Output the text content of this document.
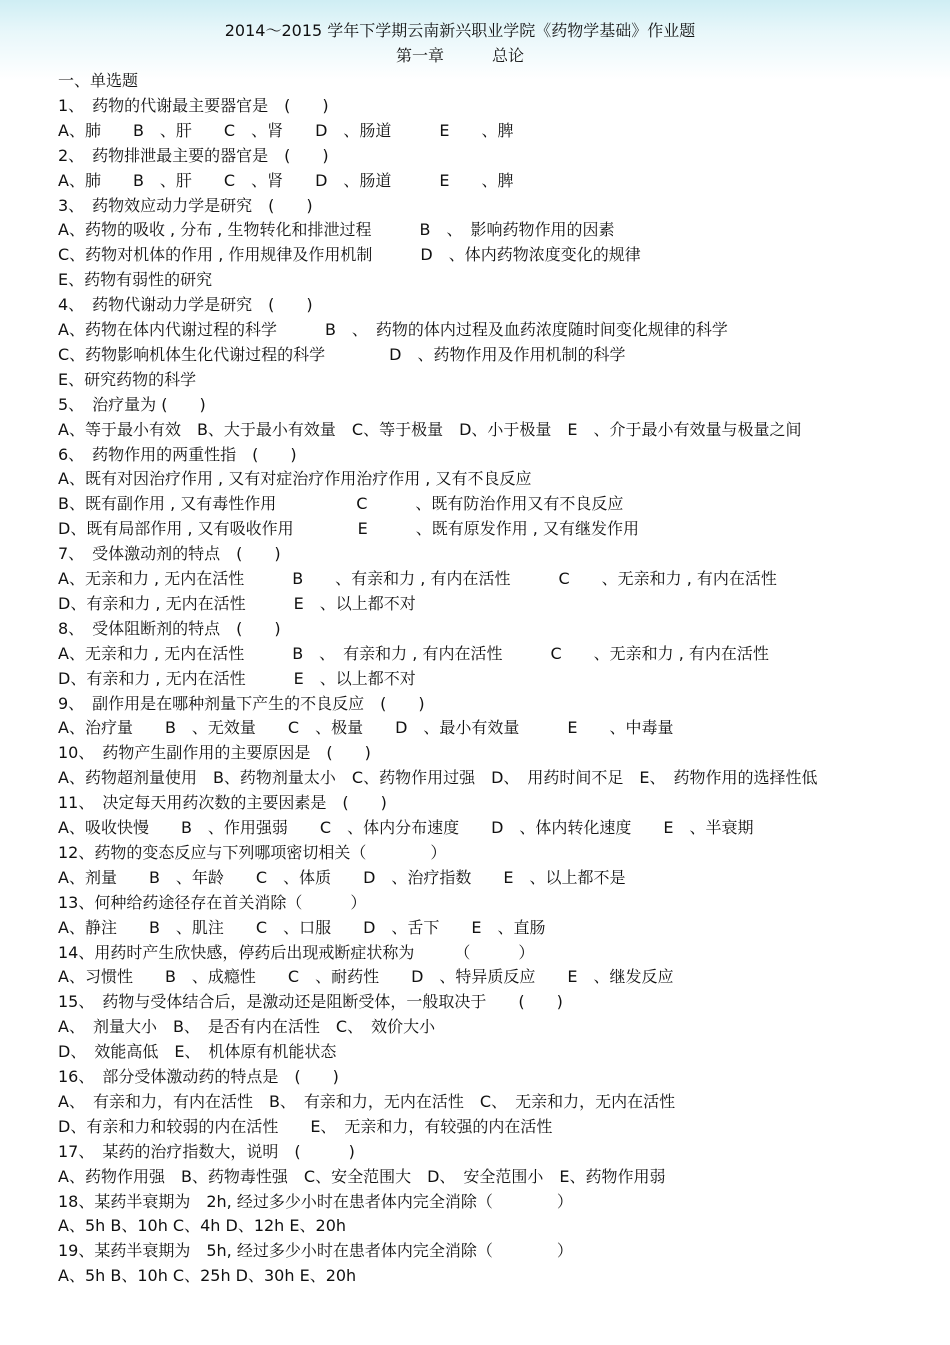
2014～2015 学年下学期云南新兴职业学院《药物学基础》作业题
第一章　　　总论
一、单选题
1、　药物的代谢最主要器官是　(　　)
A、肺　　B　、肝　　C　、肾　　D　、肠道　　　E　　、脾
2、　药物排泄最主要的器官是　(　　)
A、肺　　B　、肝　　C　、肾　　D　、肠道　　　E　　、脾
3、　药物效应动力学是研究　(　　)
A、药物的吸收 , 分布 , 生物转化和排泄过程　　　B　、　影响药物作用的因素
C、药物对机体的作用 , 作用规律及作用机制　　　D　、体内药物浓度变化的规律
E、药物有弱性的研究
4、　药物代谢动力学是研究　(　　)
A、药物在体内代谢过程的科学　　　B　、　药物的体内过程及血药浓度随时间变化规律的科学
C、药物影响机体生化代谢过程的科学　　　　D　、药物作用及作用机制的科学
E、研究药物的科学
5、　治疗量为 (　　)
A、等于最小有效　B、大于最小有效量　C、等于极量　D、小于极量　E　、介于最小有效量与极量之间
6、　药物作用的两重性指　(　　)
A、既有对因治疗作用 , 又有对症治疗作用治疗作用 , 又有不良反应
B、既有副作用 , 又有毒性作用　　　　　C　　　、既有防治作用又有不良反应
D、既有局部作用 , 又有吸收作用　　　　E　　　、既有原发作用 , 又有继发作用
7、　受体激动剂的特点　(　　)
A、无亲和力 , 无内在活性　　　B　　、有亲和力 , 有内在活性　　　C　　、无亲和力 , 有内在活性
D、有亲和力 , 无内在活性　　　E　、以上都不对
8、　受体阻断剂的特点　(　　)
A、无亲和力 , 无内在活性　　　B　、　有亲和力 , 有内在活性　　　C　　、无亲和力 , 有内在活性
D、有亲和力 , 无内在活性　　　E　、以上都不对
9、　副作用是在哪种剂量下产生的不良反应　(　　)
A、治疗量　　B　、无效量　　C　、极量　　D　、最小有效量　　　E　　、中毒量
10、　药物产生副作用的主要原因是　(　　)
A、药物超剂量使用　B、药物剂量太小　C、药物作用过强　D、　用药时间不足　E、　药物作用的选择性低
11、　决定每天用药次数的主要因素是　(　　)
A、吸收快慢　　B　、作用强弱　　C　、体内分布速度　　D　、体内转化速度　　E　、半衰期
12、药物的变态反应与下列哪项密切相关（　　　　）
A、剂量　　B　、年龄　　C　、体质　　D　、治疗指数　　E　、以上都不是
13、何种给药途径存在首关消除（　　　）
A、静注　　B　、肌注　　C　、口服　　D　、舌下　　E　、直肠
14、用药时产生欣快感，停药后出现戒断症状称为　　　（　　　）
A、习惯性　　B　、成瘾性　　C　、耐药性　　D　、特异质反应　　E　、继发反应
15、　药物与受体结合后，是激动还是阻断受体，一般取决于　　(　　)
A、　剂量大小　B、　是否有内在活性　C、　效价大小
D、　效能高低　E、　机体原有机能状态
16、　部分受体激动药的特点是　(　　)
A、　有亲和力，有内在活性　B、　有亲和力，无内在活性　C、　无亲和力，无内在活性
D、有亲和力和较弱的内在活性　　E、　无亲和力，有较强的内在活性
17、　某药的治疗指数大，说明　(　　　)
A、药物作用强　B、药物毒性强　C、安全范围大　D、　安全范围小　E、药物作用弱
18、某药半衰期为　2h, 经过多少小时在患者体内完全消除（　　　　）
A、5h B、10h C、4h D、12h E、20h
19、某药半衰期为　5h, 经过多少小时在患者体内完全消除（　　　　）
A、5h B、10h C、25h D、30h E、20h
